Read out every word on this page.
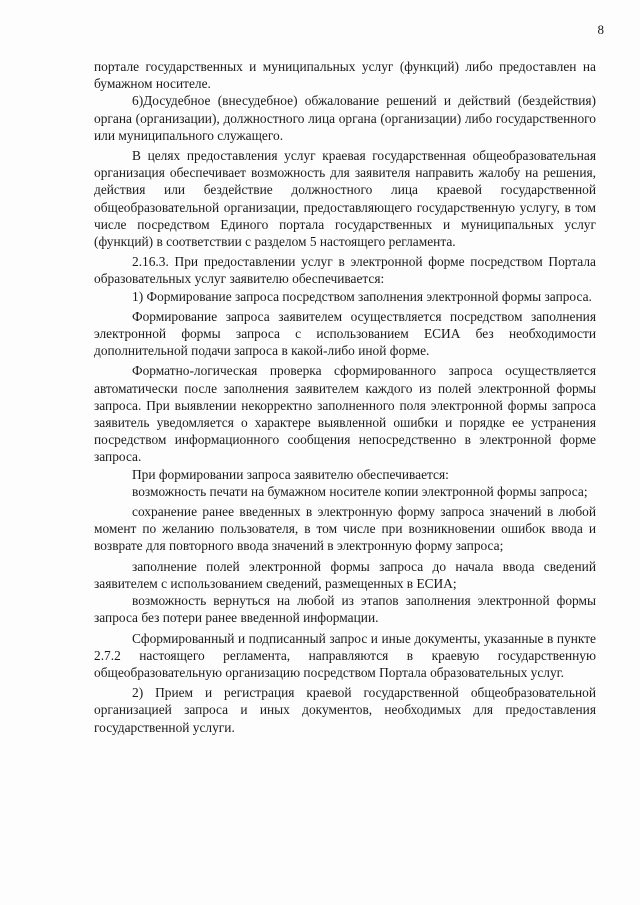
8

порталe государственных и муниципальных услуг (функций) либо предоставлен на бумажном носителе.

6)Досудебное (внесудебное) обжалование решений и действий (бездействия) органа (организации), должностного лица органа (организации) либо государственного или муниципального служащего.

В целях предоставления услуг краевая государственная общеобразовательная организация обеспечивает возможность для заявителя направить жалобу на решения, действия или бездействие должностного лица краевой государственной общеобразовательной организации, предоставляющего государственную услугу, в том числе посредством Единого портала государственных и муниципальных услуг (функций) в соответствии с разделом 5 настоящего регламента.

2.16.3. При предоставлении услуг в электронной форме посредством Портала образовательных услуг заявителю обеспечивается:

1) Формирование запроса посредством заполнения электронной формы запроса.

Формирование запроса заявителем осуществляется посредством заполнения электронной формы запроса с использованием ЕСИА без необходимости дополнительной подачи запроса в какой-либо иной форме.

Форматно-логическая проверка сформированного запроса осуществляется автоматически после заполнения заявителем каждого из полей электронной формы запроса. При выявлении некорректно заполненного поля электронной формы запроса заявитель уведомляется о характере выявленной ошибки и порядке ее устранения посредством информационного сообщения непосредственно в электронной форме запроса.

При формировании запроса заявителю обеспечивается:

возможность печати на бумажном носителе копии электронной формы запроса;

сохранение ранее введенных в электронную форму запроса значений в любой момент по желанию пользователя, в том числе при возникновении ошибок ввода и возврате для повторного ввода значений в электронную форму запроса;

заполнение полей электронной формы запроса до начала ввода сведений заявителем с использованием сведений, размещенных в ЕСИА;

возможность вернуться на любой из этапов заполнения электронной формы запроса без потери ранее введенной информации.

Сформированный и подписанный запрос и иные документы, указанные в пункте 2.7.2 настоящего регламента, направляются в краевую государственную общеобразовательную организацию посредством Портала образовательных услуг.

2) Прием и регистрация краевой государственной общеобразовательной организацией запроса и иных документов, необходимых для предоставления государственной услуги.
